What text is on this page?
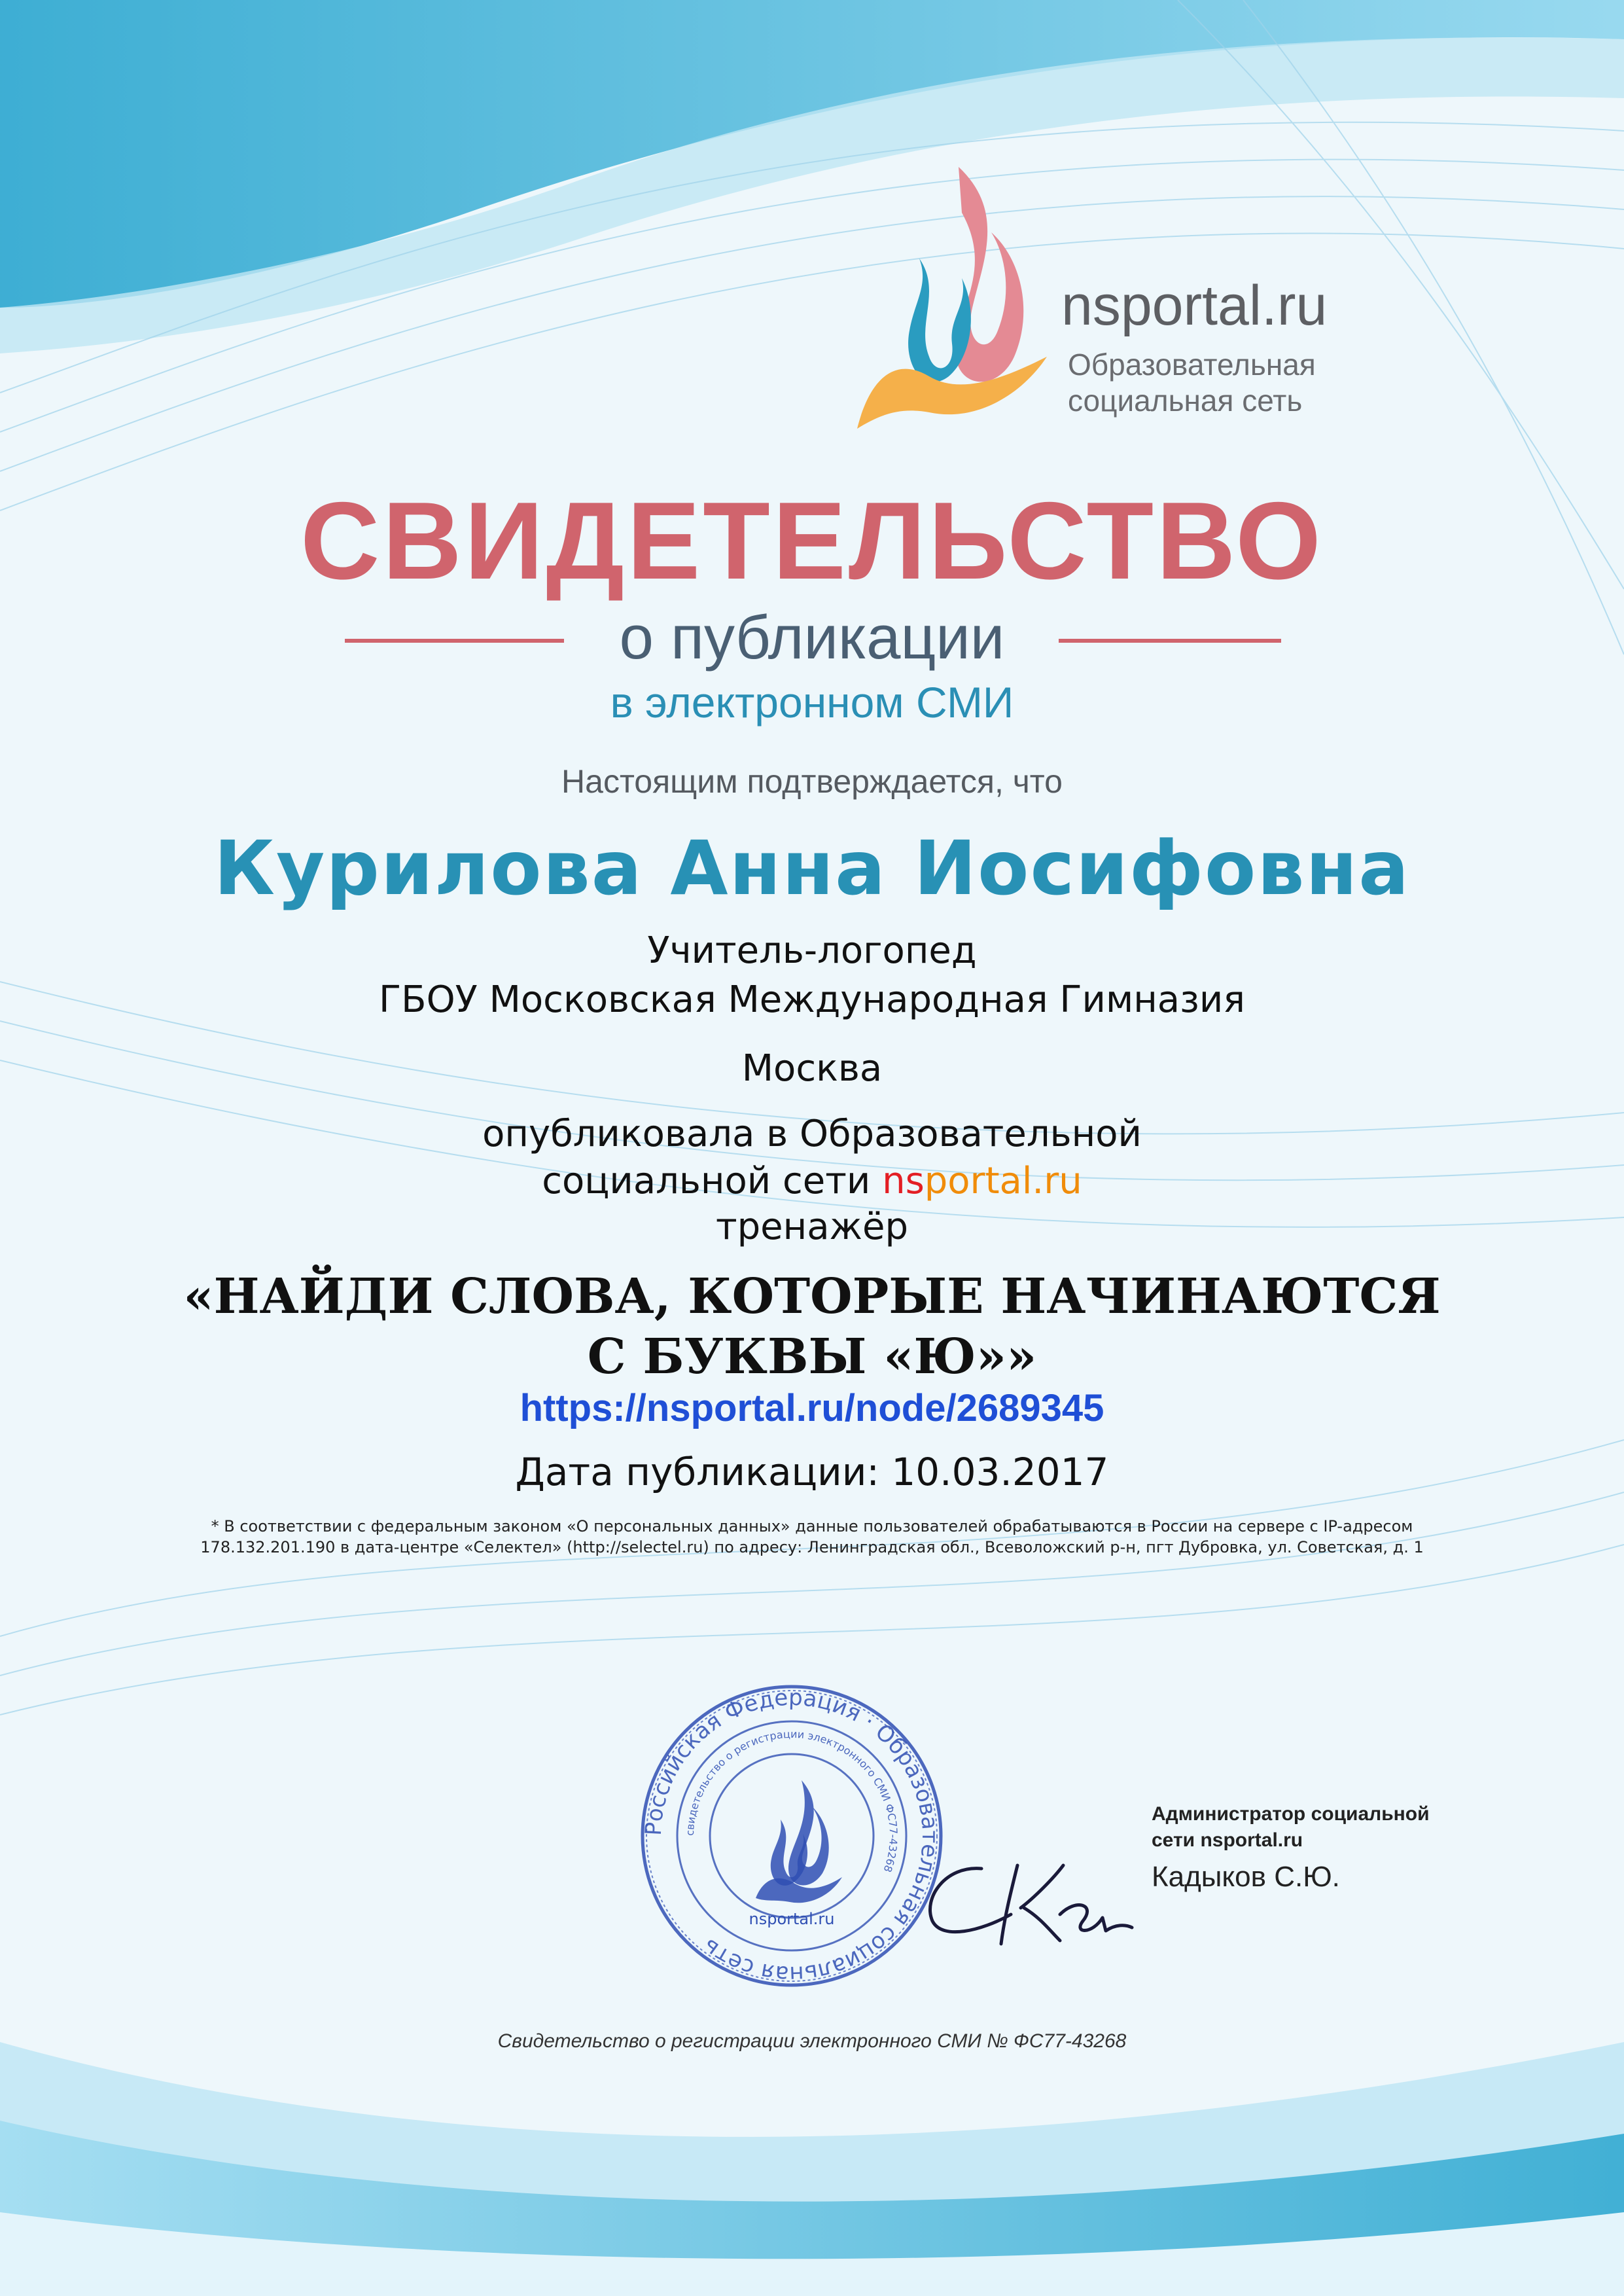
nsportal.ru
Образовательная
социальная сеть
СВИДЕТЕЛЬСТВО
о публикации
в электронном СМИ
Настоящим подтверждается, что
Курилова Анна Иосифовна
Учитель-логопед
ГБОУ Московская Международная Гимназия
Москва
опубликовала в Образовательной
социальной сети nsportal.ru
тренажёр
«НАЙДИ СЛОВА, КОТОРЫЕ НАЧИНАЮТСЯ
С БУКВЫ «Ю»»
https://nsportal.ru/node/2689345
Дата публикации: 10.03.2017
* В соответствии с федеральным законом «О персональных данных» данные пользователей обрабатываются в России на сервере с IP-адресом
178.132.201.190 в дата-центре «Селектел» (http://selectel.ru) по адресу: Ленинградская обл., Всеволожский р-н, пгт Дубровка, ул. Советская, д. 1
Российская Федерация · Образовательная социальная сеть
свидетельство о регистрации электронного СМИ ФС77-43268
nsportal.ru
Администратор социальной
сети nsportal.ru
Кадыков С.Ю.
Свидетельство о регистрации электронного СМИ № ФС77-43268
